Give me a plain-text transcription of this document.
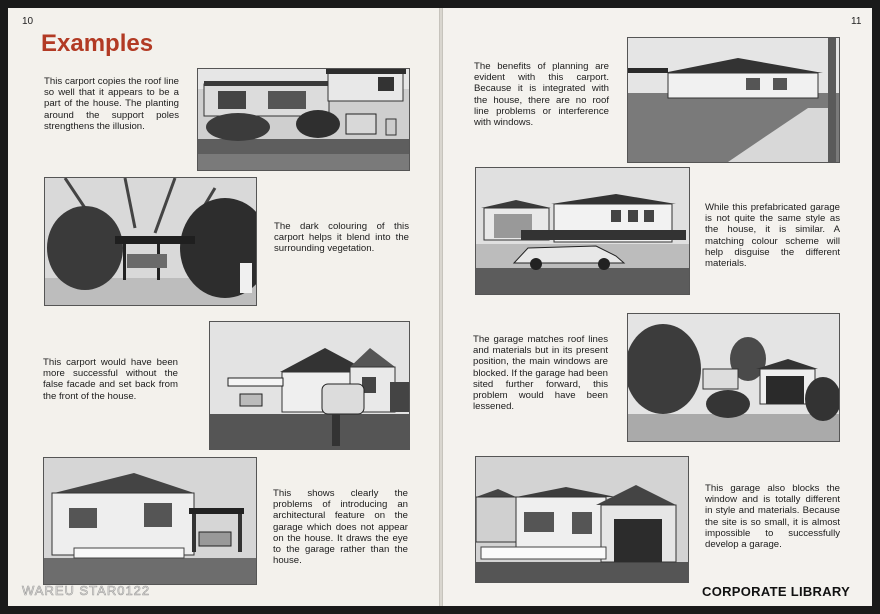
10	11
Examples
This carport copies the roof line so well that it appears to be a part of the house. The planting around the support poles strengthens the illusion.
The dark colouring of this carport helps it blend into the surrounding vegetation.
This carport would have been more successful without the false facade and set back from the front of the house.
This shows clearly the problems of introducing an architectural feature on the garage which does not appear on the house. It draws the eye to the garage rather than the house.
The benefits of planning are evident with this carport. Because it is integrated with the house, there are no roof line problems or interference with windows.
While this prefabricated garage is not quite the same style as the house, it is similar. A matching colour scheme will help disguise the different materials.
The garage matches roof lines and materials but in its present position, the main windows are blocked. If the garage had been sited further forward, this problem would have been lessened.
This garage also blocks the window and is totally different in style and materials. Because the site is so small, it is almost impossible to successfully develop a garage.
WAREU STAR0122	CORPORATE LIBRARY
